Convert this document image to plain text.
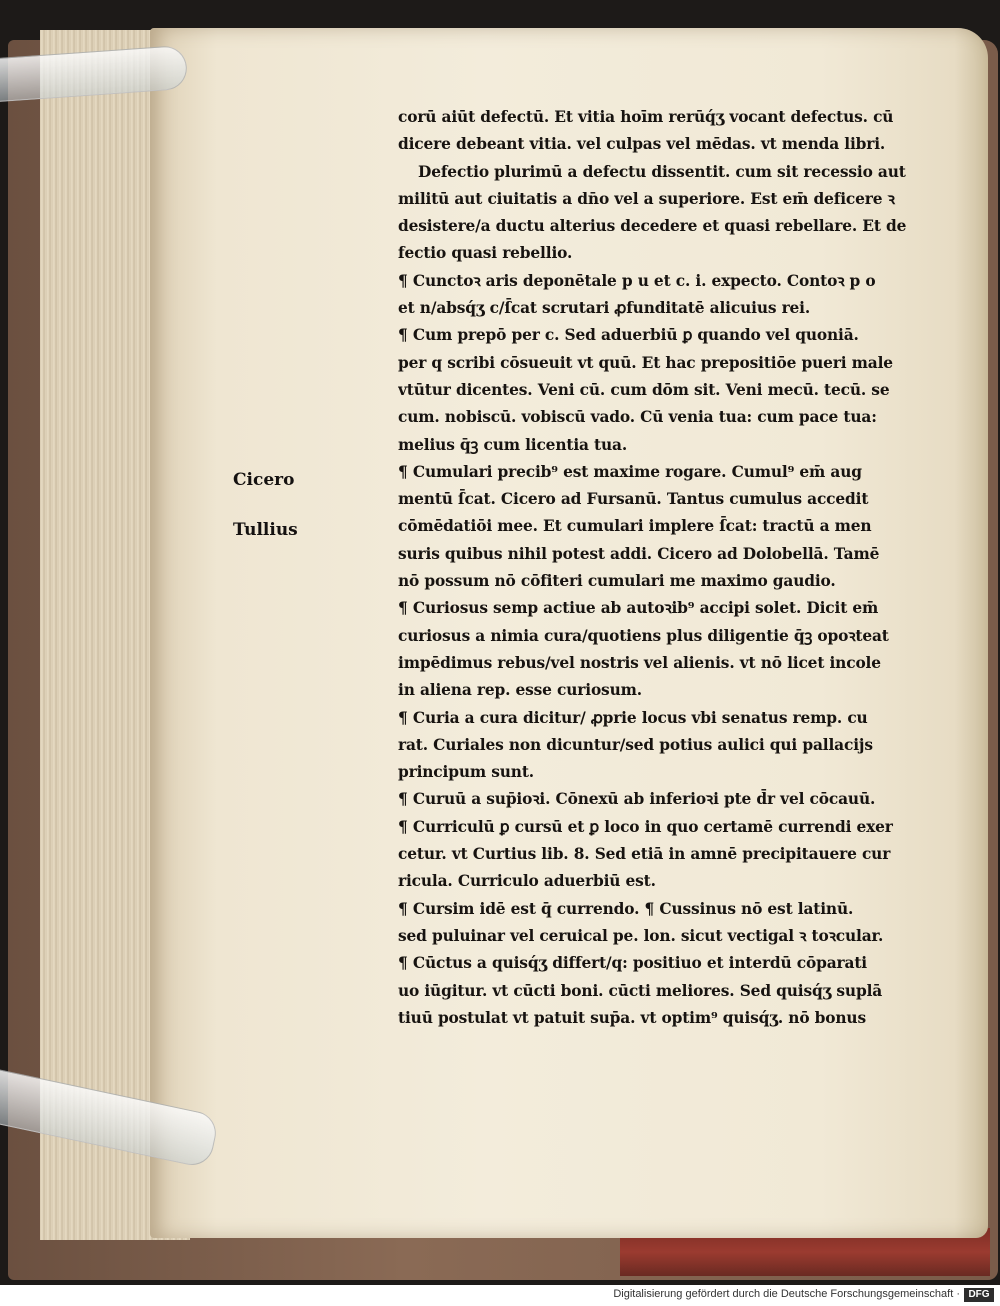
Cicero
Tullius
corū aiūt defectū. Et vitia hoīm rerūq́ʒ vocant defectus. cū
dicere debeant vitia. vel culpas vel mēdas. vt menda libri.
Defectio plurimū a defectu dissentit. cum sit recessio aut
militū aut ciuitatis a dn̄o vel a superiore. Est em̄ deficere ꝛ
desistere/a ductu alterius decedere et quasi rebellare. Et de
fectio quasi rebellio.
¶ Cunctoꝛ aris deponētale p u et c. i. expecto. Contoꝛ p o
et n/absq́ʒ c/ſ̄cat scrutari ꝓfunditatē alicuius rei.
¶ Cum prepō per c. Sed aduerbiū ꝑ quando vel quoniā.
per q scribi cōsueuit vt quū. Et hac prepositiōe pueri male
vtūtur dicentes. Veni cū. cum dōm sit. Veni mecū. tecū. se
cum. nobiscū. vobiscū vado. Cū venia tua: cum pace tua:
melius q̄ꝫ cum licentia tua.
¶ Cumulari precib⁹ est maxime rogare. Cumul⁹ em̄ aug
mentū ſ̄cat. Cicero ad Fursanū. Tantus cumulus accedit
cōmēdatiōi mee. Et cumulari implere ſ̄cat: tractū a men
suris quibus nihil potest addi. Cicero ad Dolobellā. Tamē
nō possum nō cōfiteri cumulari me maximo gaudio.
¶ Curiosus semp actiue ab autoꝛib⁹ accipi solet. Dicit em̄
curiosus a nimia cura/quotiens plus diligentie q̄ꝫ opoꝛteat
impēdimus rebus/vel nostris vel alienis. vt nō licet incole
in aliena rep. esse curiosum.
¶ Curia a cura dicitur/ ꝓprie locus vbi senatus remp. cu
rat. Curiales non dicuntur/sed potius aulici qui pallacijs
principum sunt.
¶ Curuū a sup̄ioꝛi. Cōnexū ab inferioꝛi pte d̄r vel cōcauū.
¶ Curriculū ꝑ cursū et ꝑ loco in quo certamē currendi exer
cetur. vt Curtius lib. 8. Sed etiā in amnē precipitauere cur
ricula. Curriculo aduerbiū est.
¶ Cursim idē est q̄ currendo. ¶ Cussinus nō est latinū.
sed puluinar vel ceruical pe. lon. sicut vectigal ꝛ toꝛcular.
¶ Cūctus a quisq́ʒ differt/q: positiuo et interdū cōparati
uo iūgitur. vt cūcti boni. cūcti meliores. Sed quisq́ʒ suplā
tiuū postulat vt patuit sup̄a. vt optim⁹ quisq́ʒ. nō bonus
Digitalisierung gefördert durch die Deutsche Forschungsgemeinschaft · DFG
